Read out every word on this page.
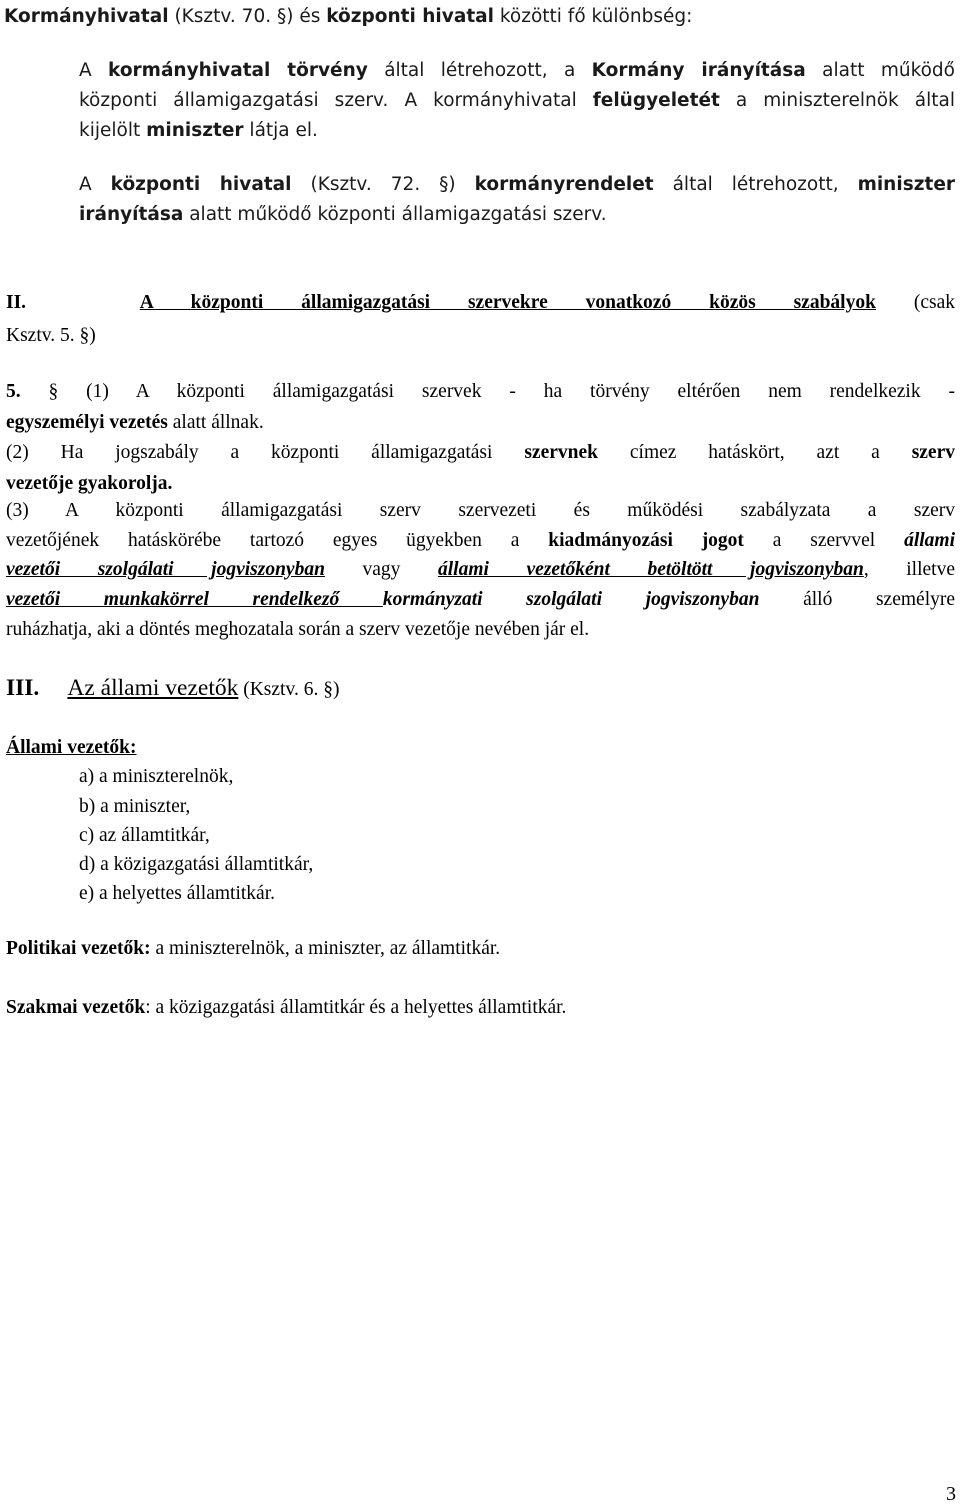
Kormányhivatal (Ksztv. 70. §) és központi hivatal közötti fő különbség:
A kormányhivatal törvény által létrehozott, a Kormány irányítása alatt működő
központi államigazgatási szerv. A kormányhivatal felügyeletét a miniszterelnök által
kijelölt miniszter látja el.
A központi hivatal (Ksztv. 72. §) kormányrendelet által létrehozott, miniszter
irányítása alatt működő központi államigazgatási szerv.
II.	A központi államigazgatási szervekre vonatkozó közös szabályok (csak
Ksztv. 5. §)
5. § (1) A központi államigazgatási szervek - ha törvény eltérően nem rendelkezik -
egyszemélyi vezetés alatt állnak.
(2) Ha jogszabály a központi államigazgatási szervnek címez hatáskört, azt a szerv
vezetője gyakorolja.
(3) A központi államigazgatási szerv szervezeti és működési szabályzata a szerv
vezetőjének hatáskörébe tartozó egyes ügyekben a kiadmányozási jogot a szervvel állami
vezetői szolgálati jogviszonyban vagy állami vezetőként betöltött jogviszonyban, illetve
vezetői munkakörrel rendelkező kormányzati szolgálati jogviszonyban álló személyre
ruházhatja, aki a döntés meghozatala során a szerv vezetője nevében jár el.
III. Az állami vezetők (Ksztv. 6. §)
Állami vezetők:
a) a miniszterelnök,
b) a miniszter,
c) az államtitkár,
d) a közigazgatási államtitkár,
e) a helyettes államtitkár.
Politikai vezetők: a miniszterelnök, a miniszter, az államtitkár.
Szakmai vezetők: a közigazgatási államtitkár és a helyettes államtitkár.
3
